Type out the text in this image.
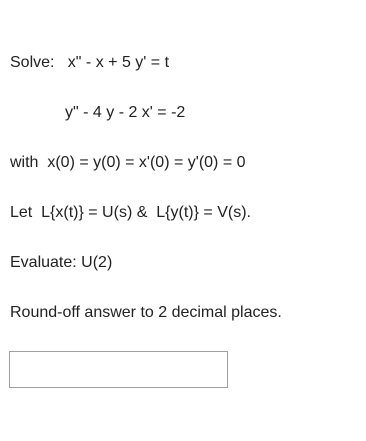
Solve:   x" - x + 5 y' = t
y" - 4 y - 2 x' = -2
with  x(0) = y(0) = x'(0) = y'(0) = 0
Let  L{x(t)} = U(s) &  L{y(t)} = V(s).
Evaluate: U(2)
Round-off answer to 2 decimal places.
